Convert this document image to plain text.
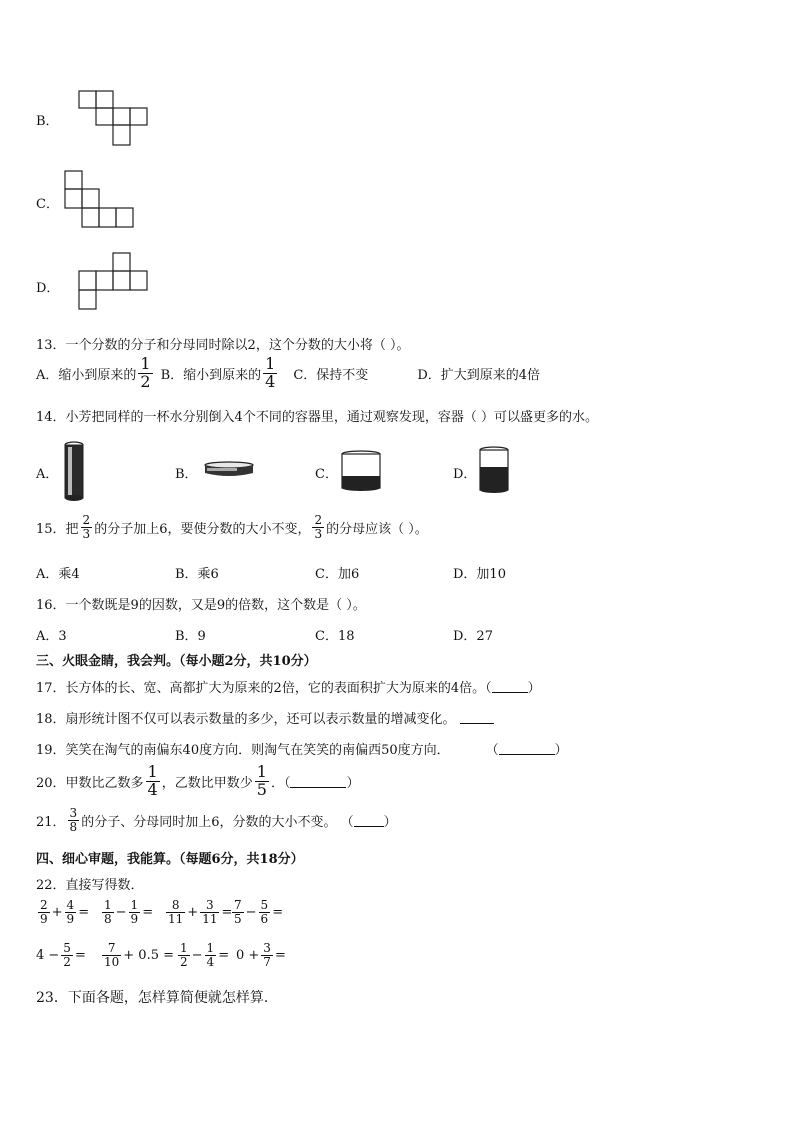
B．
C．
D．
13．一个分数的分子和分母同时除以2，这个分数的大小将（ ）。
A．缩小到原来的 $\frac{1}{2}$ B．缩小到原来的 $\frac{1}{4}$ C．保持不变	D．扩大到原来的4倍
14．小芳把同样的一杯水分别倒入4个不同的容器里，通过观察发现，容器（ ）可以盛更多的水。
A．	B．	C．	D．
15．把 $\frac{2}{3}$ 的分子加上6，要使分数的大小不变， $\frac{2}{3}$ 的分母应该（ ）。
A．乘4	B．乘6	C．加6	D．加10
16．一个数既是9的因数，又是9的倍数，这个数是（ ）。
A．3	B．9	C．18	D．27
三、火眼金睛，我会判。（每小题2分，共10分）
17．长方体的长、宽、高都扩大为原来的2倍，它的表面积扩大为原来的4倍。（	）
18．扇形统计图不仅可以表示数量的多少，还可以表示数量的增减变化。
19．笑笑在淘气的南偏东40度方向．则淘气在笑笑的南偏西50度方向．	（	）
20．甲数比乙数多 $\frac{1}{4}$ ，乙数比甲数少 $\frac{1}{5}$ ．（	）
21． $\frac{3}{8}$ 的分子、分母同时加上6，分数的大小不变。 （ ）
四、细心审题，我能算。（每题6分，共18分）
22．直接写得数．
$\frac{2}{9} + \frac{4}{9} = \frac{1}{8} - \frac{1}{9} = \frac{8}{11} + \frac{3}{11} = \frac{7}{5} - \frac{5}{6}$ =
$4 - \frac{5}{2} = \frac{7}{10} + 0.5 = \frac{1}{2} - \frac{1}{4} = 0 + \frac{3}{7}$ =
23．下面各题，怎样算简便就怎样算．
